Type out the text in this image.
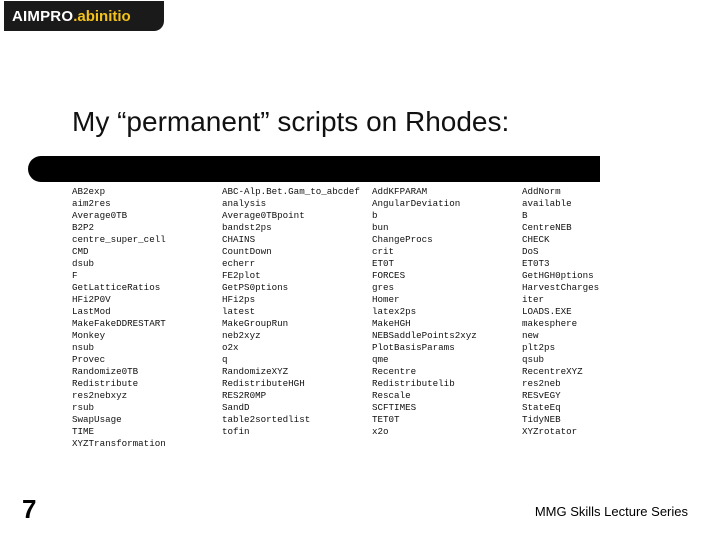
AIMPRO .abinitio
My “permanent” scripts on Rhodes:
AB2exp
aim2res
Average0TB
B2P2
centre_super_cell
CMD
dsub
F
GetLatticeRatios
HFi2P0V
LastMod
MakeFakeDDRESTART
Monkey
nsub
Provec
Randomize0TB
Redistribute
res2nebxyz
rsub
SwapUsage
TIME
XYZTransformation
ABC-Alp.Bet.Gam_to_abcdef
analysis
Average0TBpoint
bandst2ps
CHAINS
CountDown
echerr
FE2plot
GetPS0ptions
HFi2ps
latest
MakeGroupRun
neb2xyz
o2x
q
RandomizeXYZ
RedistributeHGH
RES2R0MP
SandD
table2sortedlist
tofin
AddKFPARAM
AngularDeviation
b
bun
ChangeProcs
crit
ET0T
FORCES
gres
Homer
latex2ps
MakeHGH
NEBSaddlePoints2xyz
PlotBasisParams
qme
Recentre
Redistributelib
Rescale
SCFTIMES
TET0T
x2o
AddNorm
available
B
CentreNEB
CHECK
DoS
ET0T3
GetHGH0ptions
HarvestCharges
iter
LOADS.EXE
makesphere
new
plt2ps
qsub
RecentreXYZ
res2neb
RESvEGY
StateEq
TidyNEB
XYZrotator
7	MMG Skills Lecture Series
